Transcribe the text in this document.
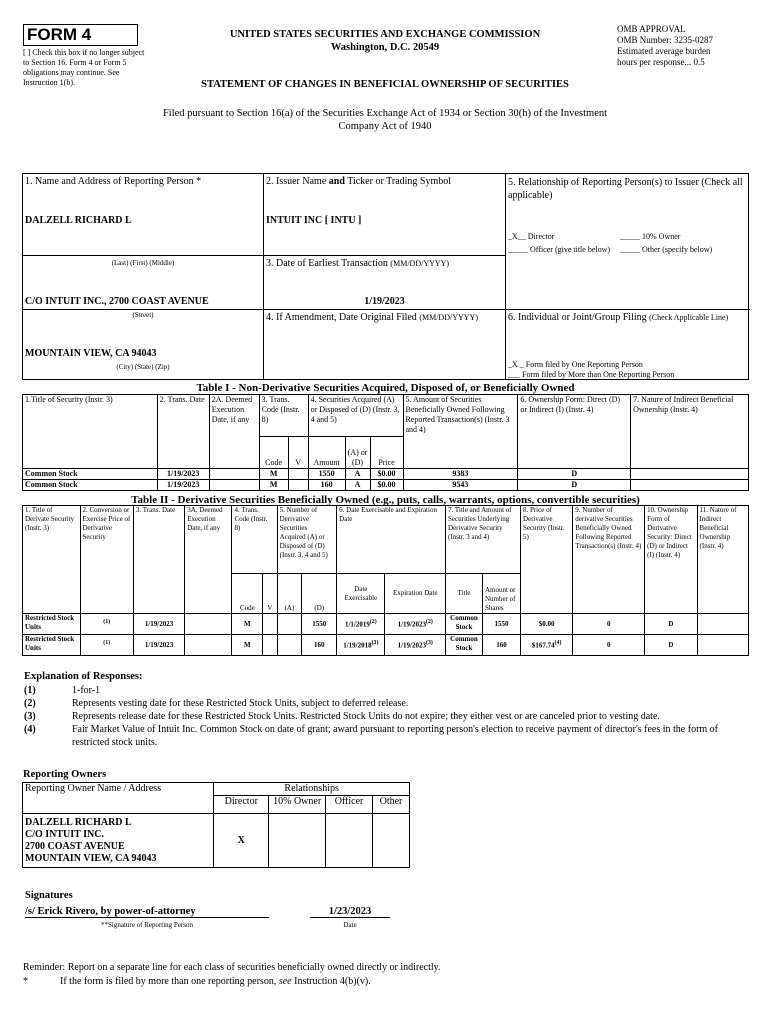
FORM 4
[ ] Check this box if no longer subject to Section 16. Form 4 or Form 5 obligations may continue. See Instruction 1(b).
UNITED STATES SECURITIES AND EXCHANGE COMMISSION
Washington, D.C. 20549
OMB APPROVAL
OMB Number: 3235-0287
Estimated average burden
hours per response... 0.5
STATEMENT OF CHANGES IN BENEFICIAL OWNERSHIP OF SECURITIES
Filed pursuant to Section 16(a) of the Securities Exchange Act of 1934 or Section 30(h) of the Investment Company Act of 1940
1. Name and Address of Reporting Person *
DALZELL RICHARD L
(Last) (First) (Middle)
C/O INTUIT INC., 2700 COAST AVENUE
(Street)
MOUNTAIN VIEW, CA 94043
(City) (State) (Zip)
2. Issuer Name and Ticker or Trading Symbol
INTUIT INC [ INTU ]
3. Date of Earliest Transaction (MM/DD/YYYY)
1/19/2023
4. If Amendment, Date Original Filed (MM/DD/YYYY)
5. Relationship of Reporting Person(s) to Issuer (Check all applicable)
_X__ Director	_____ 10% Owner
_____ Officer (give title below) _____ Other (specify below)
6. Individual or Joint/Group Filing (Check Applicable Line)
_X _ Form filed by One Reporting Person
___ Form filed by More than One Reporting Person
Table I - Non-Derivative Securities Acquired, Disposed of, or Beneficially Owned
1.Title of Security (Instr. 3)	2. Trans. Date	2A. Deemed Execution Date, if any	3. Trans. Code (Instr. 8)		4. Securities Acquired (A) or Disposed of (D) (Instr. 3, 4 and 5)			5. Amount of Securities Beneficially Owned Following Reported Transaction(s) (Instr. 3 and 4)	6. Ownership Form: Direct (D) or Indirect (I) (Instr. 4)	7. Nature of Indirect Beneficial Ownership (Instr. 4)
			Code	V	Amount	(A) or (D)	Price			
Common Stock	1/19/2023		M		1550	A	$0.00	9383	D	
Common Stock	1/19/2023		M		160	A	$0.00	9543	D	
Table II - Derivative Securities Beneficially Owned (e.g., puts, calls, warrants, options, convertible securities)
1. Title of Derivate Security (Instr. 3)	2. Conversion or Exercise Price of Derivative Security	3. Trans. Date	3A. Deemed Execution Date, if any	4. Trans. Code (Instr. 8)		5. Number of Derivative Securities Acquired (A) or Disposed of (D) (Instr. 3, 4 and 5)		6. Date Exercisable and Expiration Date		7. Title and Amount of Securities Underlying Derivative Security (Instr. 3 and 4)		8. Price of Derivative Security (Instr. 5)	9. Number of derivative Securities Beneficially Owned Following Reported Transaction(s) (Instr. 4)	10. Ownership Form of Derivative Security: Direct (D) or Indirect (I) (Instr. 4)	11. Nature of Indirect Beneficial Ownership (Instr. 4)
				Code	V	(A)	(D)	Date Exercisable	Expiration Date	Title	Amount or Number of Shares				
Restricted Stock Units	$^{(1)}$	1/19/2023		M			1550	1/1/2019$^{(2)}$	1/19/2023$^{(2)}$	Common Stock	1550	$0.00	0	D	
Restricted Stock Units	$^{(1)}$	1/19/2023		M			160	1/19/2018$^{(3)}$	1/19/2023$^{(3)}$	Common Stock	160	$167.74$^{(4)}$	0	D	
Explanation of Responses:
(1)	1-for-1
(2)	Represents vesting date for these Restricted Stock Units, subject to deferred release.
(3)	Represents release date for these Restricted Stock Units. Restricted Stock Units do not expire; they either vest or are canceled prior to vesting date.
(4)	Fair Market Value of Intuit Inc. Common Stock on date of grant; award pursuant to reporting person's election to receive payment of director's fees in the form of restricted stock units.
Reporting Owners
Reporting Owner Name / Address	Relationships			
	Director	10% Owner	Officer	Other

DALZELL RICHARD L
C/O INTUIT INC.
2700 COAST AVENUE
MOUNTAIN VIEW, CA 94043	X			
Signatures
/s/ Erick Rivero, by power-of-attorney	1/23/2023
**Signature of Reporting Person	Date
Reminder: Report on a separate line for each class of securities beneficially owned directly or indirectly.
*	If the form is filed by more than one reporting person, see Instruction 4(b)(v).
